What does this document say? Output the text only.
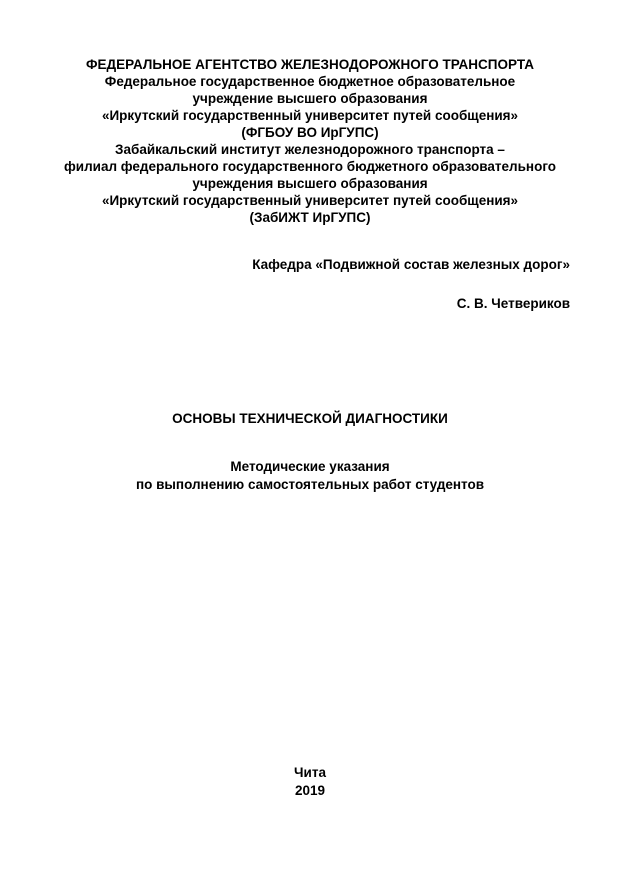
ФЕДЕРАЛЬНОЕ АГЕНТСТВО ЖЕЛЕЗНОДОРОЖНОГО ТРАНСПОРТА
Федеральное государственное бюджетное образовательное
учреждение высшего образования
«Иркутский государственный университет путей сообщения»
(ФГБОУ ВО ИрГУПС)
Забайкальский институт железнодорожного транспорта –
филиал федерального государственного бюджетного образовательного
учреждения высшего образования
«Иркутский государственный университет путей сообщения»
(ЗабИЖТ ИрГУПС)
Кафедра «Подвижной состав железных дорог»
С. В. Четвериков
ОСНОВЫ ТЕХНИЧЕСКОЙ ДИАГНОСТИКИ
Методические указания
по выполнению самостоятельных работ студентов
Чита
2019
